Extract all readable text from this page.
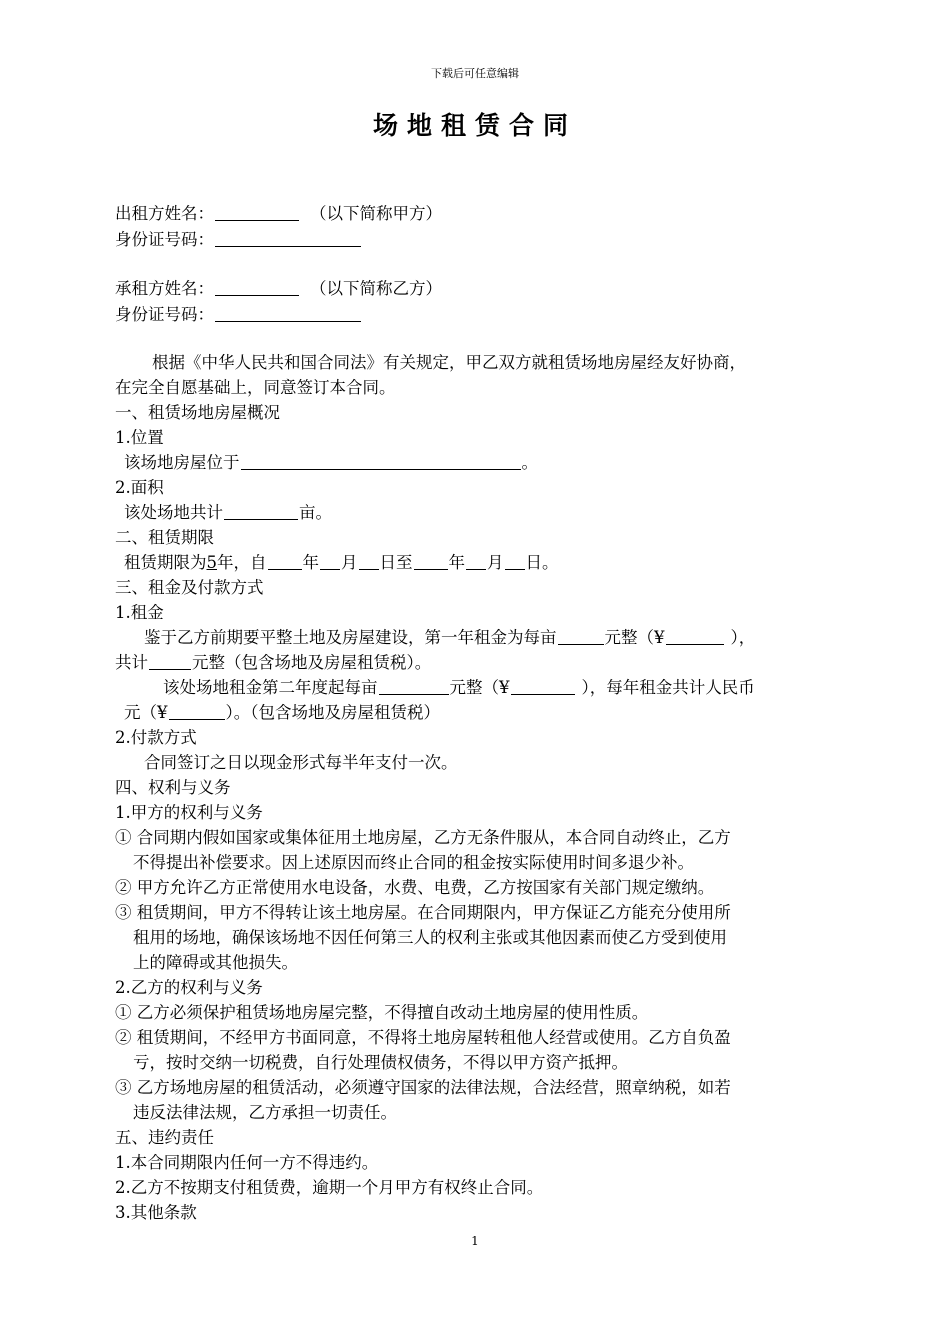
下载后可任意编辑
场地租赁合同
出租方姓名：	（以下简称甲方）
身份证号码：
承租方姓名：	（以下简称乙方）
身份证号码：
根据《中华人民共和国合同法》有关规定，甲乙双方就租赁场地房屋经友好协商，
在完全自愿基础上，同意签订本合同。
一、租赁场地房屋概况
1.位置
该场地房屋位于	。
2.面积
该处场地共计	亩。
二、租赁期限
租赁期限为5年，自 年 月 日至 年 月 日。
三、租金及付款方式
1.租金
鉴于乙方前期要平整土地及房屋建设，第一年租金为每亩	元整（¥	），
共计	元整（包含场地及房屋租赁税）。
该处场地租金第二年度起每亩	元整（¥	），每年租金共计人民币
元（¥	）。（包含场地及房屋租赁税）
2.付款方式
合同签订之日以现金形式每半年支付一次。
四、权利与义务
1.甲方的权利与义务
① 合同期内假如国家或集体征用土地房屋，乙方无条件服从，本合同自动终止，乙方
不得提出补偿要求。因上述原因而终止合同的租金按实际使用时间多退少补。
② 甲方允许乙方正常使用水电设备，水费、电费，乙方按国家有关部门规定缴纳。
③ 租赁期间，甲方不得转让该土地房屋。在合同期限内，甲方保证乙方能充分使用所
租用的场地，确保该场地不因任何第三人的权利主张或其他因素而使乙方受到使用
上的障碍或其他损失。
2.乙方的权利与义务
① 乙方必须保护租赁场地房屋完整，不得擅自改动土地房屋的使用性质。
② 租赁期间，不经甲方书面同意，不得将土地房屋转租他人经营或使用。乙方自负盈
亏，按时交纳一切税费，自行处理债权债务，不得以甲方资产抵押。
③ 乙方场地房屋的租赁活动，必须遵守国家的法律法规，合法经营，照章纳税，如若
违反法律法规，乙方承担一切责任。
五、违约责任
1.本合同期限内任何一方不得违约。
2.乙方不按期支付租赁费，逾期一个月甲方有权终止合同。
3.其他条款
1
